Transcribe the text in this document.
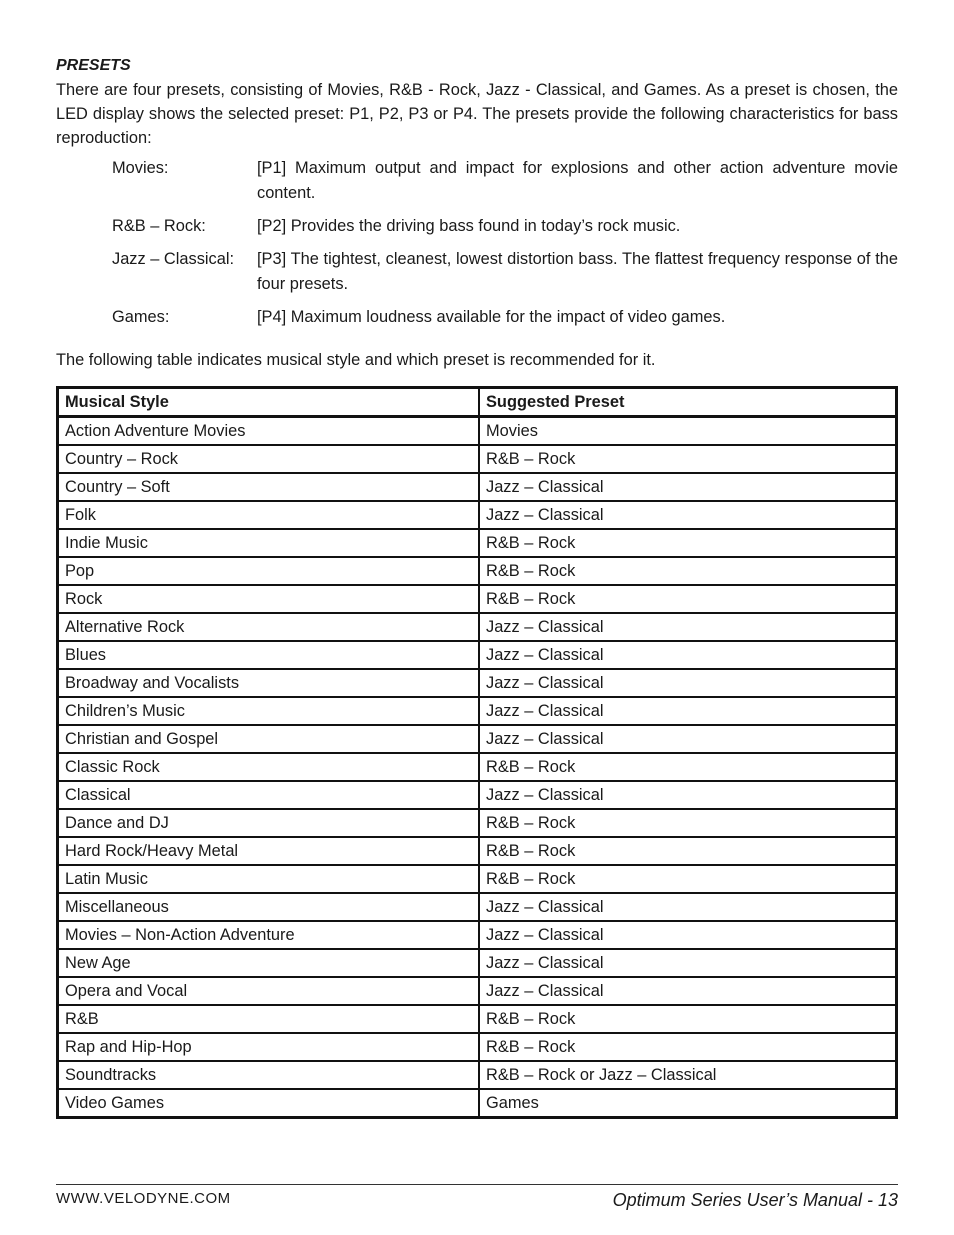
PRESETS

There are four presets, consisting of Movies, R&B - Rock, Jazz - Classical, and Games. As a preset is chosen, the LED display shows the selected preset: P1, P2, P3 or P4. The presets provide the following characteristics for bass reproduction:

Movies:	[P1] Maximum output and impact for explosions and other action adventure movie content.
R&B – Rock:	[P2] Provides the driving bass found in today’s rock music.
Jazz – Classical:	[P3] The tightest, cleanest, lowest distortion bass. The flattest frequency response of the four presets.
Games:	[P4] Maximum loudness available for the impact of video games.

The following table indicates musical style and which preset is recommended for it.

Musical Style	Suggested Preset
Action Adventure Movies	Movies
Country – Rock	R&B – Rock
Country – Soft	Jazz – Classical
Folk	Jazz – Classical
Indie Music	R&B – Rock
Pop	R&B – Rock
Rock	R&B – Rock
Alternative Rock	Jazz – Classical
Blues	Jazz – Classical
Broadway and Vocalists	Jazz – Classical
Children’s Music	Jazz – Classical
Christian and Gospel	Jazz – Classical
Classic Rock	R&B – Rock
Classical	Jazz – Classical
Dance and DJ	R&B – Rock
Hard Rock/Heavy Metal	R&B – Rock
Latin Music	R&B – Rock
Miscellaneous	Jazz – Classical
Movies – Non-Action Adventure	Jazz – Classical
New Age	Jazz – Classical
Opera and Vocal	Jazz – Classical
R&B	R&B – Rock
Rap and Hip-Hop	R&B – Rock
Soundtracks	R&B – Rock or Jazz – Classical
Video Games	Games
WWW.VELODYNE.COM	Optimum Series User’s Manual - 13
